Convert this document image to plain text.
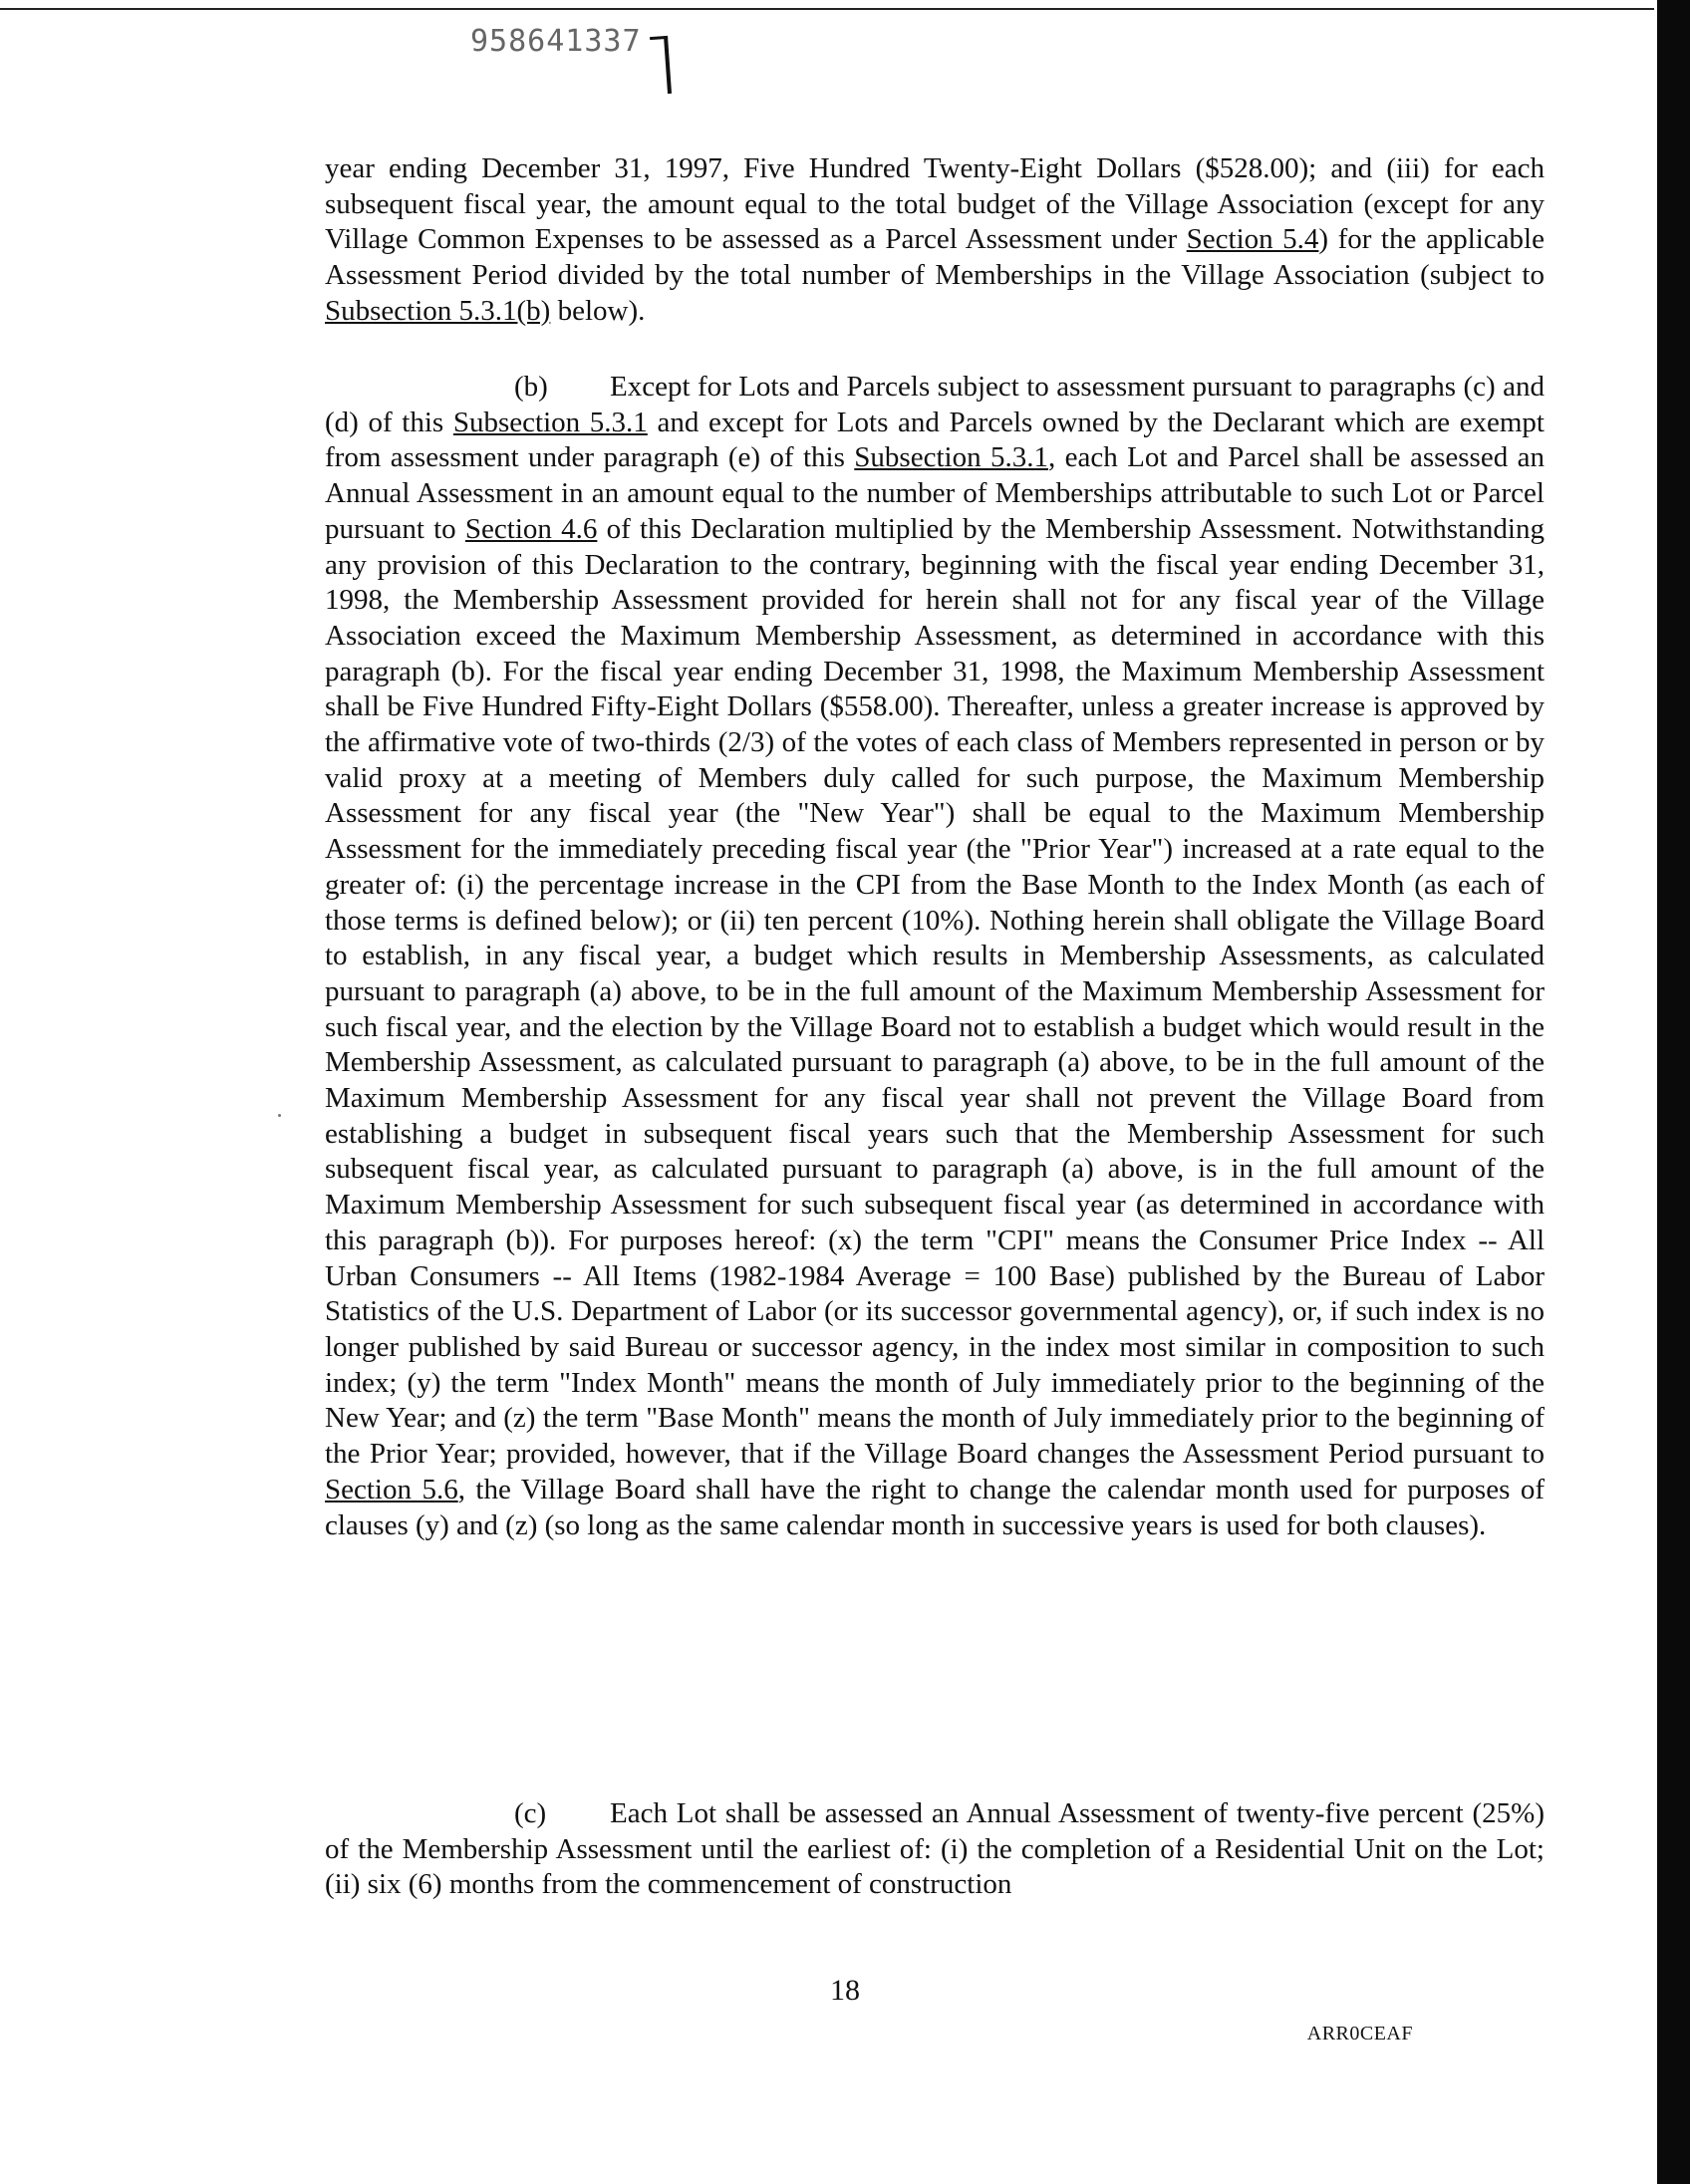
958641337

year ending December 31, 1997, Five Hundred Twenty-Eight Dollars ($528.00); and (iii) for each subsequent fiscal year, the amount equal to the total budget of the Village Association (except for any Village Common Expenses to be assessed as a Parcel Assessment under Section 5.4) for the applicable Assessment Period divided by the total number of Memberships in the Village Association (subject to Subsection 5.3.1(b) below).

(b) Except for Lots and Parcels subject to assessment pursuant to paragraphs (c) and (d) of this Subsection 5.3.1 and except for Lots and Parcels owned by the Declarant which are exempt from assessment under paragraph (e) of this Subsection 5.3.1, each Lot and Parcel shall be assessed an Annual Assessment in an amount equal to the number of Memberships attributable to such Lot or Parcel pursuant to Section 4.6 of this Declaration multiplied by the Membership Assessment. Notwithstanding any provision of this Declaration to the contrary, beginning with the fiscal year ending December 31, 1998, the Membership Assessment provided for herein shall not for any fiscal year of the Village Association exceed the Maximum Membership Assessment, as determined in accordance with this paragraph (b). For the fiscal year ending December 31, 1998, the Maximum Membership Assessment shall be Five Hundred Fifty-Eight Dollars ($558.00). Thereafter, unless a greater increase is approved by the affirmative vote of two-thirds (2/3) of the votes of each class of Members represented in person or by valid proxy at a meeting of Members duly called for such purpose, the Maximum Membership Assessment for any fiscal year (the "New Year") shall be equal to the Maximum Membership Assessment for the immediately preceding fiscal year (the "Prior Year") increased at a rate equal to the greater of: (i) the percentage increase in the CPI from the Base Month to the Index Month (as each of those terms is defined below); or (ii) ten percent (10%). Nothing herein shall obligate the Village Board to establish, in any fiscal year, a budget which results in Membership Assessments, as calculated pursuant to paragraph (a) above, to be in the full amount of the Maximum Membership Assessment for such fiscal year, and the election by the Village Board not to establish a budget which would result in the Membership Assessment, as calculated pursuant to paragraph (a) above, to be in the full amount of the Maximum Membership Assessment for any fiscal year shall not prevent the Village Board from establishing a budget in subsequent fiscal years such that the Membership Assessment for such subsequent fiscal year, as calculated pursuant to paragraph (a) above, is in the full amount of the Maximum Membership Assessment for such subsequent fiscal year (as determined in accordance with this paragraph (b)). For purposes hereof: (x) the term "CPI" means the Consumer Price Index -- All Urban Consumers -- All Items (1982-1984 Average = 100 Base) published by the Bureau of Labor Statistics of the U.S. Department of Labor (or its successor governmental agency), or, if such index is no longer published by said Bureau or successor agency, in the index most similar in composition to such index; (y) the term "Index Month" means the month of July immediately prior to the beginning of the New Year; and (z) the term "Base Month" means the month of July immediately prior to the beginning of the Prior Year; provided, however, that if the Village Board changes the Assessment Period pursuant to Section 5.6, the Village Board shall have the right to change the calendar month used for purposes of clauses (y) and (z) (so long as the same calendar month in successive years is used for both clauses).

(c) Each Lot shall be assessed an Annual Assessment of twenty-five percent (25%) of the Membership Assessment until the earliest of: (i) the completion of a Residential Unit on the Lot; (ii) six (6) months from the commencement of construction

18
ARR0CEAF
